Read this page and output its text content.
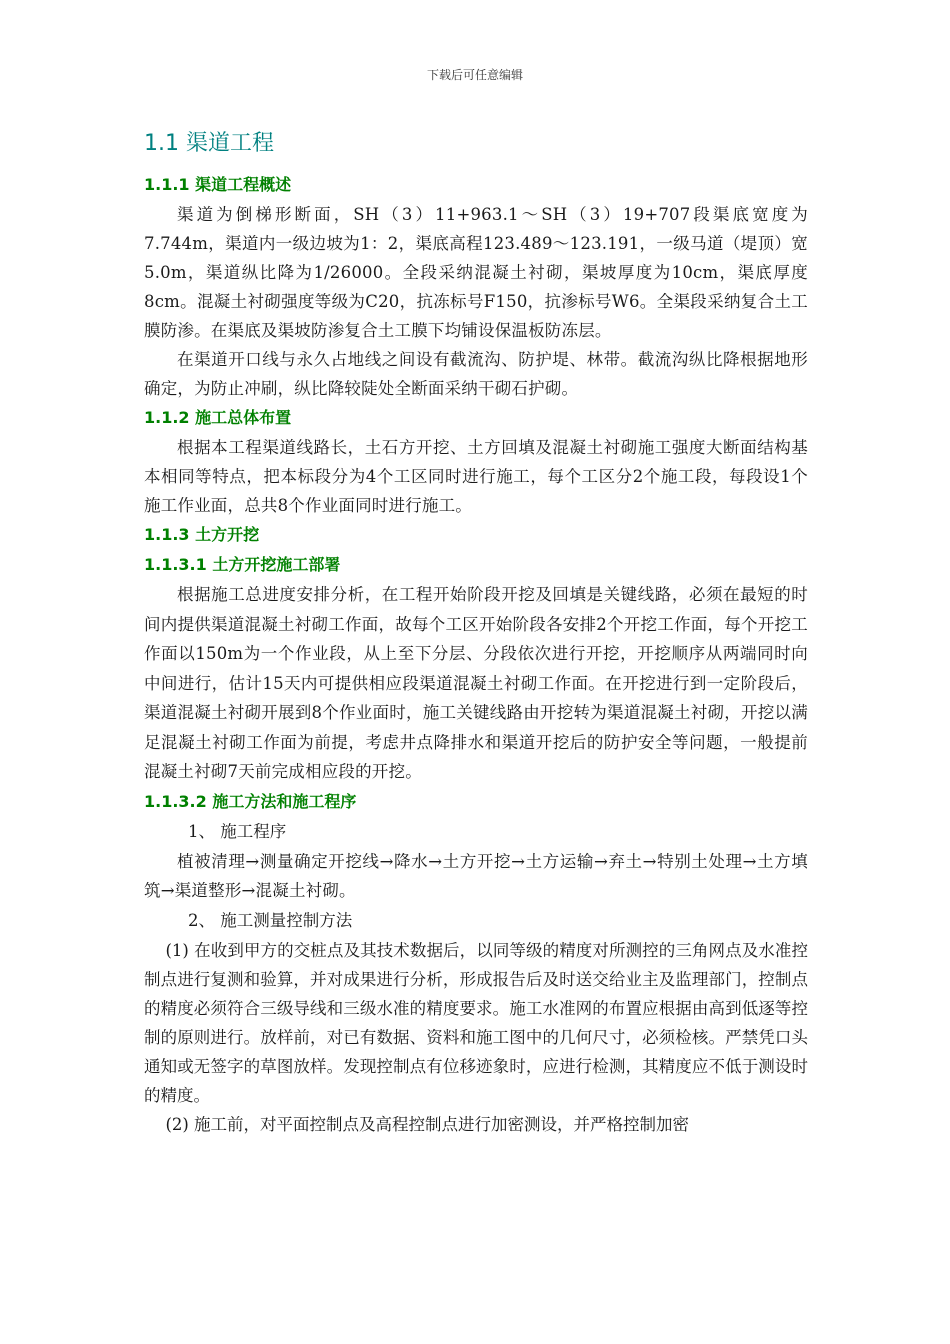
下载后可任意编辑
1.1 渠道工程
1.1.1 渠道工程概述

渠道为倒梯形断面，SH（3）11+963.1～SH（3）19+707段渠底宽度为7.744m，渠道内一级边坡为1：2，渠底高程123.489～123.191，一级马道（堤顶）宽5.0m，渠道纵比降为1/26000。全段采纳混凝土衬砌，渠坡厚度为10cm，渠底厚度8cm。混凝土衬砌强度等级为C20，抗冻标号F150，抗渗标号W6。全渠段采纳复合土工膜防渗。在渠底及渠坡防渗复合土工膜下均铺设保温板防冻层。

在渠道开口线与永久占地线之间设有截流沟、防护堤、林带。截流沟纵比降根据地形确定，为防止冲刷，纵比降较陡处全断面采纳干砌石护砌。

1.1.2 施工总体布置

根据本工程渠道线路长，土石方开挖、土方回填及混凝土衬砌施工强度大断面结构基本相同等特点，把本标段分为4个工区同时进行施工，每个工区分2个施工段，每段设1个施工作业面，总共8个作业面同时进行施工。

1.1.3 土方开挖
1.1.3.1 土方开挖施工部署

根据施工总进度安排分析，在工程开始阶段开挖及回填是关键线路，必须在最短的时间内提供渠道混凝土衬砌工作面，故每个工区开始阶段各安排2个开挖工作面，每个开挖工作面以150m为一个作业段，从上至下分层、分段依次进行开挖，开挖顺序从两端同时向中间进行，估计15天内可提供相应段渠道混凝土衬砌工作面。在开挖进行到一定阶段后，渠道混凝土衬砌开展到8个作业面时，施工关键线路由开挖转为渠道混凝土衬砌，开挖以满足混凝土衬砌工作面为前提，考虑井点降排水和渠道开挖后的防护安全等问题，一般提前混凝土衬砌7天前完成相应段的开挖。

1.1.3.2 施工方法和施工程序
1、 施工程序

植被清理→测量确定开挖线→降水→土方开挖→土方运输→弃土→特别土处理→土方填筑→渠道整形→混凝土衬砌。

2、 施工测量控制方法

(1) 在收到甲方的交桩点及其技术数据后，以同等级的精度对所测控的三角网点及水准控制点进行复测和验算，并对成果进行分析，形成报告后及时送交给业主及监理部门，控制点的精度必须符合三级导线和三级水准的精度要求。施工水准网的布置应根据由高到低逐等控制的原则进行。放样前，对已有数据、资料和施工图中的几何尺寸，必须检核。严禁凭口头通知或无签字的草图放样。发现控制点有位移迹象时，应进行检测，其精度应不低于测设时的精度。

(2) 施工前，对平面控制点及高程控制点进行加密测设，并严格控制加密
